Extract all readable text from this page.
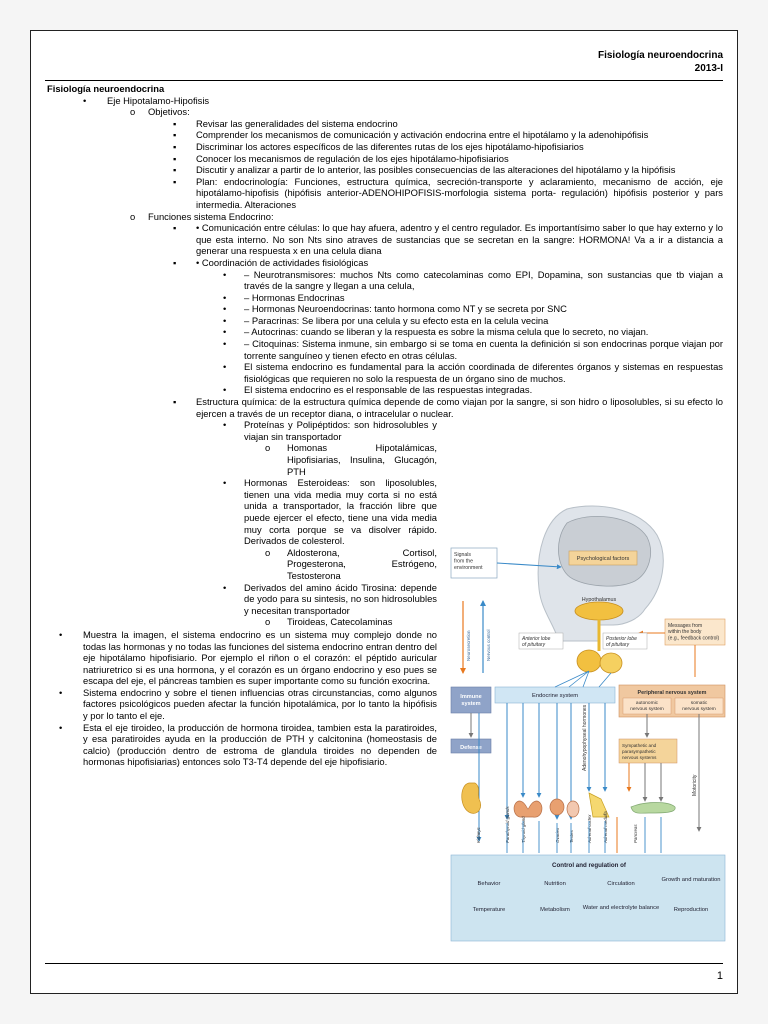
Fisiología neuroendocrina
2013-I
Fisiología neuroendocrina
• Eje Hipotalamo-Hipofisis
o Objetivos:
▪ Revisar las generalidades del sistema endocrino
▪ Comprender los mecanismos de comunicación y activación endocrina entre el hipotálamo y la adenohipófisis
▪ Discriminar los actores específicos de las diferentes rutas de los ejes hipotálamo-hipofisiarios
▪ Conocer los mecanismos de regulación de los ejes hipotálamo-hipofisiarios
▪ Discutir y analizar a partir de lo anterior, las posibles consecuencias de las alteraciones del hipotálamo y la hipófisis
▪ Plan: endocrinología: Funciones, estructura química, secreción-transporte y aclaramiento, mecanismo de acción, eje hipotálamo-hipofisis (hipófisis anterior-ADENOHIPOFISIS-morfologia sistema porta- regulación) hipófisis posterior y pars intermedia. Alteraciones
o Funciones sistema Endocrino:
▪ • Comunicación entre células: lo que hay afuera, adentro y el centro regulador. Es importantísimo saber lo que hay externo y lo que esta interno. No son Nts sino atraves de sustancias que se secretan en la sangre: HORMONA! Va a ir a distancia a generar una respuesta x en una celula diana
▪ • Coordinación de actividades fisiológicas
• – Neurotransmisores: muchos Nts como catecolaminas como EPI, Dopamina, son sustancias que tb viajan a través de la sangre y llegan a una celula,
• – Hormonas Endocrinas
• – Hormonas Neuroendocrinas: tanto hormona como NT y se secreta por SNC
• – Paracrinas: Se libera por una celula y su efecto esta en la celula vecina
• – Autocrinas: cuando se liberan y la respuesta es sobre la misma celula que lo secreto, no viajan.
• – Citoquinas: Sistema inmune, sin embargo si se toma en cuenta la definición si son endocrinas porque viajan por torrente sanguíneo y tienen efecto en otras células.
• El sistema endocrino es fundamental para la acción coordinada de diferentes órganos y sistemas en respuestas fisiológicas que requieren no solo la respuesta de un órgano sino de muchos.
• El sistema endocrino es el responsable de las respuestas integradas.
▪ Estructura química: de la estructura química depende de como viajan por la sangre, si son hidro o liposolubles, si su efecto lo ejercen a través de un receptor diana, o intracelular o nuclear.
• Proteínas y Polipéptidos: son hidrosolubles y viajan sin transportador
o Homonas Hipotalámicas, Hipofisiarias, Insulina, Glucagón, PTH
• Hormonas Esteroideas: son liposolubles, tienen una vida media muy corta si no está unida a transportador, la fracción libre que puede ejercer el efecto, tiene una vida media muy corta porque se va disolver rápido. Derivados de colesterol.
o Aldosterona, Cortisol, Progesterona, Estrógeno, Testosterona
• Derivados del amino ácido Tirosina: depende de yodo para su sintesis, no son hidrosolubles y necesitan transportador
o Tiroideas, Catecolaminas
• Muestra la imagen, el sistema endocrino es un sistema muy complejo donde no todas las hormonas y no todas las funciones del sistema endocrino entran dentro del eje hipotálamo hipofisiario. Por ejemplo el riñon o el corazón: el péptido auricular natriuretrico si es una hormona, y el corazón es un órgano endocrino y eso pues se escapa del eje, el páncreas tambien es super importante como su función exocrina.
• Sistema endocrino y sobre el tienen influencias otras circunstancias, como algunos factores psicológicos pueden afectar la función hipotalámica, por lo tanto la hipófisis y por lo tanto el eje.
• Esta el eje tiroideo, la producción de hormona tiroidea, tambien esta la paratiroides, y esa paratiroides ayuda en la producción de PTH y calcitonina (homeostasis de calcio) (producción dentro de estroma de glandula tiroides no dependen de hormonas hipofisiarias) entonces solo T3-T4 depende del eje hipofisiario.
Signals from the environment
Psychological factors
Messages from within the body (e.g., feedback control)
Hypothalamus
Anterior lobe of pituitary
Posterior lobe of pituitary
Neurosecretion	Nervous control
Immune system
Defense
Endocrine system	Peripheral nervous system
autonomic nervous system
somatic nervous system
Adenohypophyseal hormones
Motoricity
Sympathetic and parasympathetic nervous systems
Kidneys	Parathyroid glands	Thyroid gland	Ovaries Testes	Adrenal cortex	Adrenal medulla	Pancreas
Control and regulation of
Behavior	Nutrition	Circulation
Growth and maturation
Temperature	Metabolism Water and electrolyte balance	Reproduction
1
